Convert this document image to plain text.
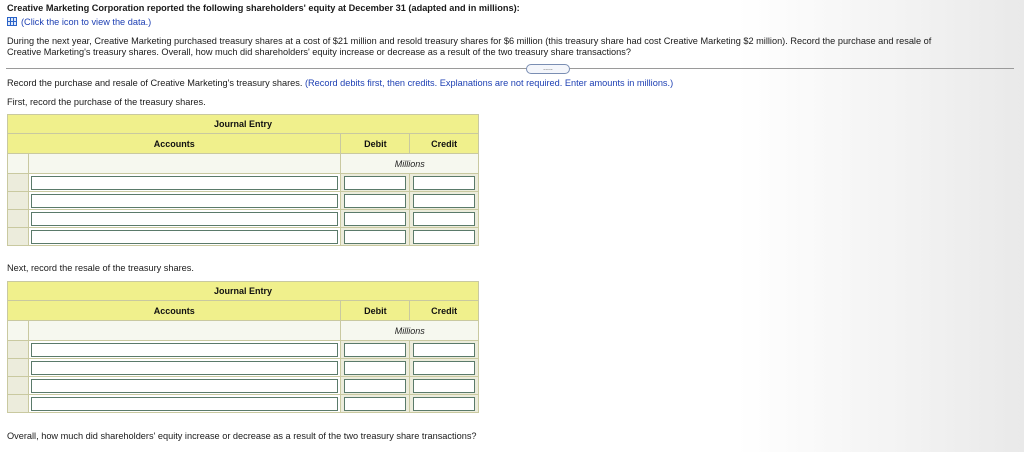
Creative Marketing Corporation reported the following shareholders' equity at December 31 (adapted and in millions):
(Click the icon to view the data.)
During the next year, Creative Marketing purchased treasury shares at a cost of $21 million and resold treasury shares for $6 million (this treasury share had cost Creative Marketing $2 million). Record the purchase and resale of
Creative Marketing's treasury shares. Overall, how much did shareholders' equity increase or decrease as a result of the two treasury share transactions?
.....
Record the purchase and resale of Creative Marketing's treasury shares. (Record debits first, then credits. Explanations are not required. Enter amounts in millions.)
First, record the purchase of the treasury shares.
Journal Entry			
Accounts		Debit	Credit
		Millions	

Next, record the resale of the treasury shares.
Journal Entry			
Accounts		Debit	Credit
		Millions	

Overall, how much did shareholders' equity increase or decrease as a result of the two treasury share transactions?
